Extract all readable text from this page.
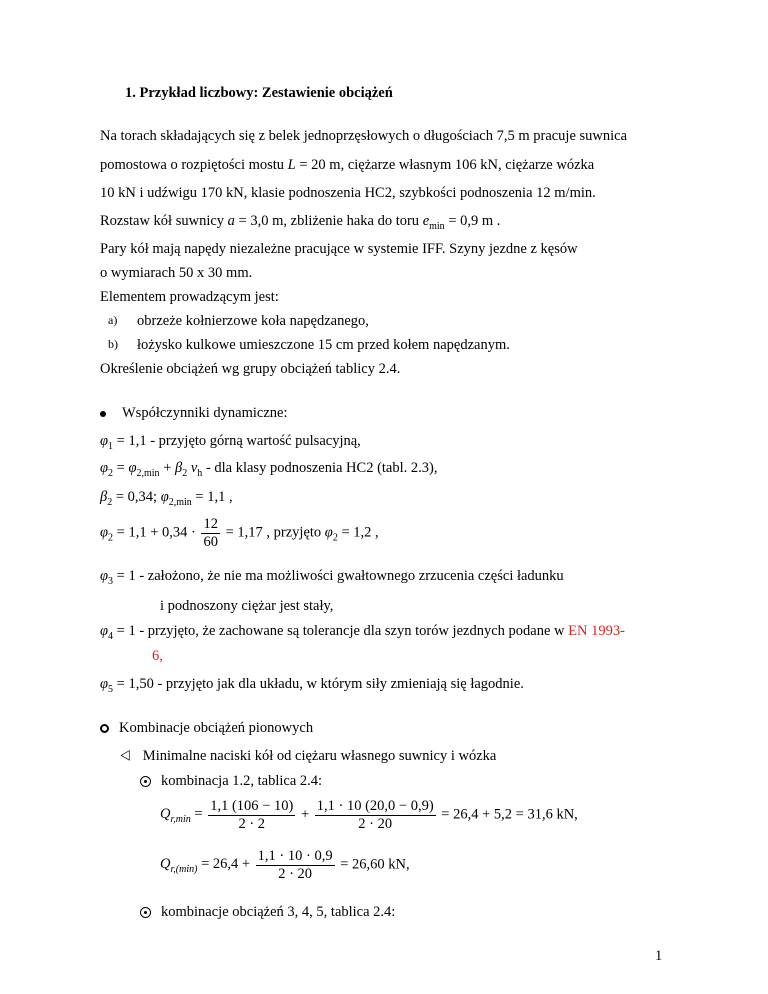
1. Przykład liczbowy: Zestawienie obciążeń
Na torach składających się z belek jednoprzęsłowych o długościach 7,5 m pracuje suwnica
pomostowa o rozpiętości mostu L = 20 m, ciężarze własnym 106 kN, ciężarze wózka
10 kN i udźwigu 170 kN, klasie podnoszenia HC2, szybkości podnoszenia 12 m/min.
Rozstaw kół suwnicy a = 3,0 m, zbliżenie haka do toru $e_{min} = 0,9$ m .
Pary kół mają napędy niezależne pracujące w systemie IFF. Szyny jezdne z kęsów
o wymiarach 50 x 30 mm.
Elementem prowadzącym jest:
a) obrzeże kołnierzowe koła napędzanego,
b) łożysko kulkowe umieszczone 15 cm przed kołem napędzanym.
Określenie obciążeń wg grupy obciążeń tablicy 2.4.
Współczynniki dynamiczne:
$\varphi_1 = 1,1$ - przyjęto górną wartość pulsacyjną,
$\varphi_2 = \varphi_{2,min} + \beta_2$ $v_h$ - dla klasy podnoszenia HC2 (tabl. 2.3),
$\beta_2 = 0,34$; $\varphi_{2,min} = 1,1$ ,
$\varphi_2 = 1,1 + 0,34 \cdot \frac{12}{60} = 1,17$ , przyjęto $\varphi_2 = 1,2$ ,
$\varphi_3 = 1$ - założono, że nie ma możliwości gwałtownego zrzucenia części ładunku
i podnoszony ciężar jest stały,
$\varphi_4 = 1$ - przyjęto, że zachowane są tolerancje dla szyn torów jezdnych podane w EN 1993-
6,
$\varphi_5 = 1,50$ - przyjęto jak dla układu, w którym siły zmieniają się łagodnie.
Kombinacje obciążeń pionowych
⨞ Minimalne naciski kół od ciężaru własnego suwnicy i wózka
kombinacja 1.2, tablica 2.4:
$Q_{r,min} = \frac{1,1 (106 - 10)}{2 \cdot 2} + \frac{1,1 \cdot 10 (20,0 - 0,9)}{2 \cdot 20} = 26,4 + 5,2 = 31,6$ kN,
$Q_{r,(min)} = 26,4 + \frac{1,1 \cdot 10 \cdot 0,9}{2 \cdot 20} = 26,60$ kN,
kombinacje obciążeń 3, 4, 5, tablica 2.4:
1
